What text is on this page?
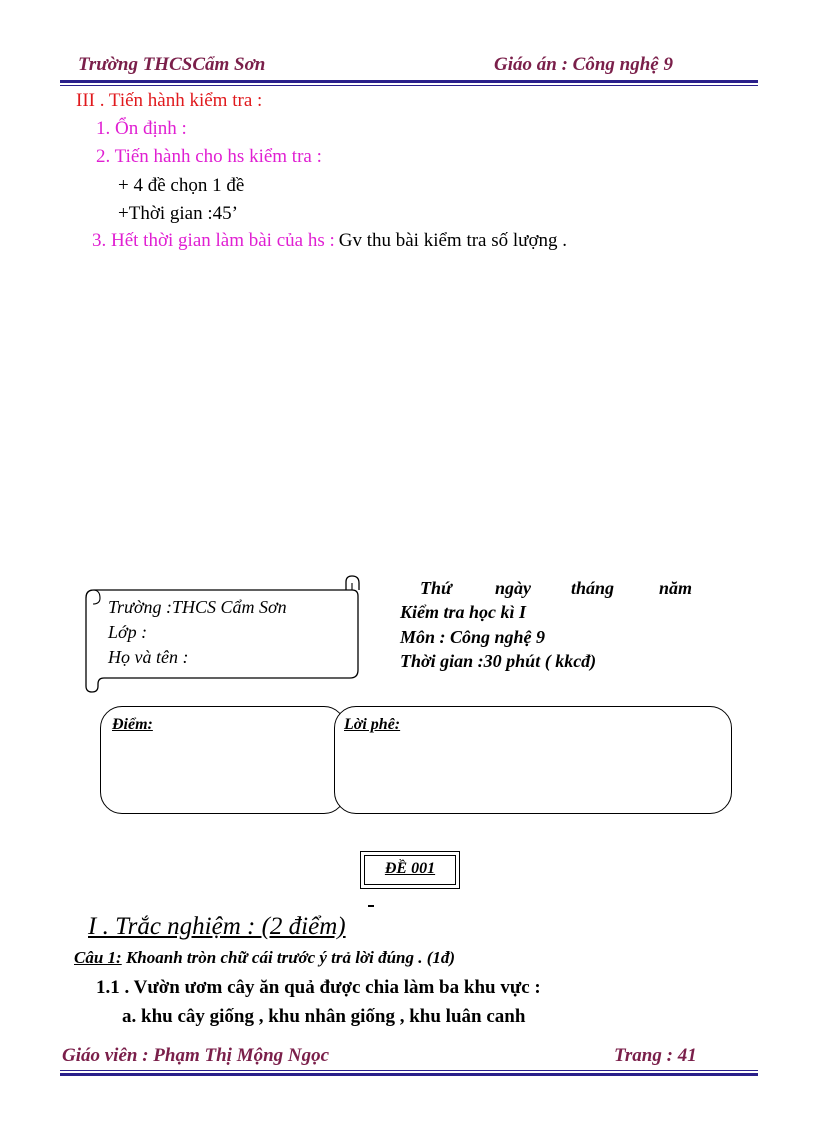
Trường THCSCẩm Sơn	Giáo án : Công nghệ 9
III . Tiến hành kiểm tra :
1. Ổn định :
2. Tiến hành cho hs kiểm tra :
+ 4 đề chọn 1 đề
+Thời gian :45’
3. Hết thời gian làm bài của hs : Gv thu bài kiểm tra số lượng .
Trường :THCS Cẩm Sơn
Lớp :
Họ và tên :
Thứ ngày tháng năm
Kiểm tra học kì I
Môn : Công nghệ 9
Thời gian :30 phút ( kkcđ)
Điểm:	Lời phê:
ĐỀ 001
I . Trắc nghiệm : (2 điểm)
Câu 1: Khoanh tròn chữ cái trước ý trả lời đúng . (1đ)
1.1 . Vườn ươm cây ăn quả được chia làm ba khu vực :
a. khu cây giống , khu nhân giống , khu luân canh
Giáo viên : Phạm Thị Mộng Ngọc	Trang : 41
